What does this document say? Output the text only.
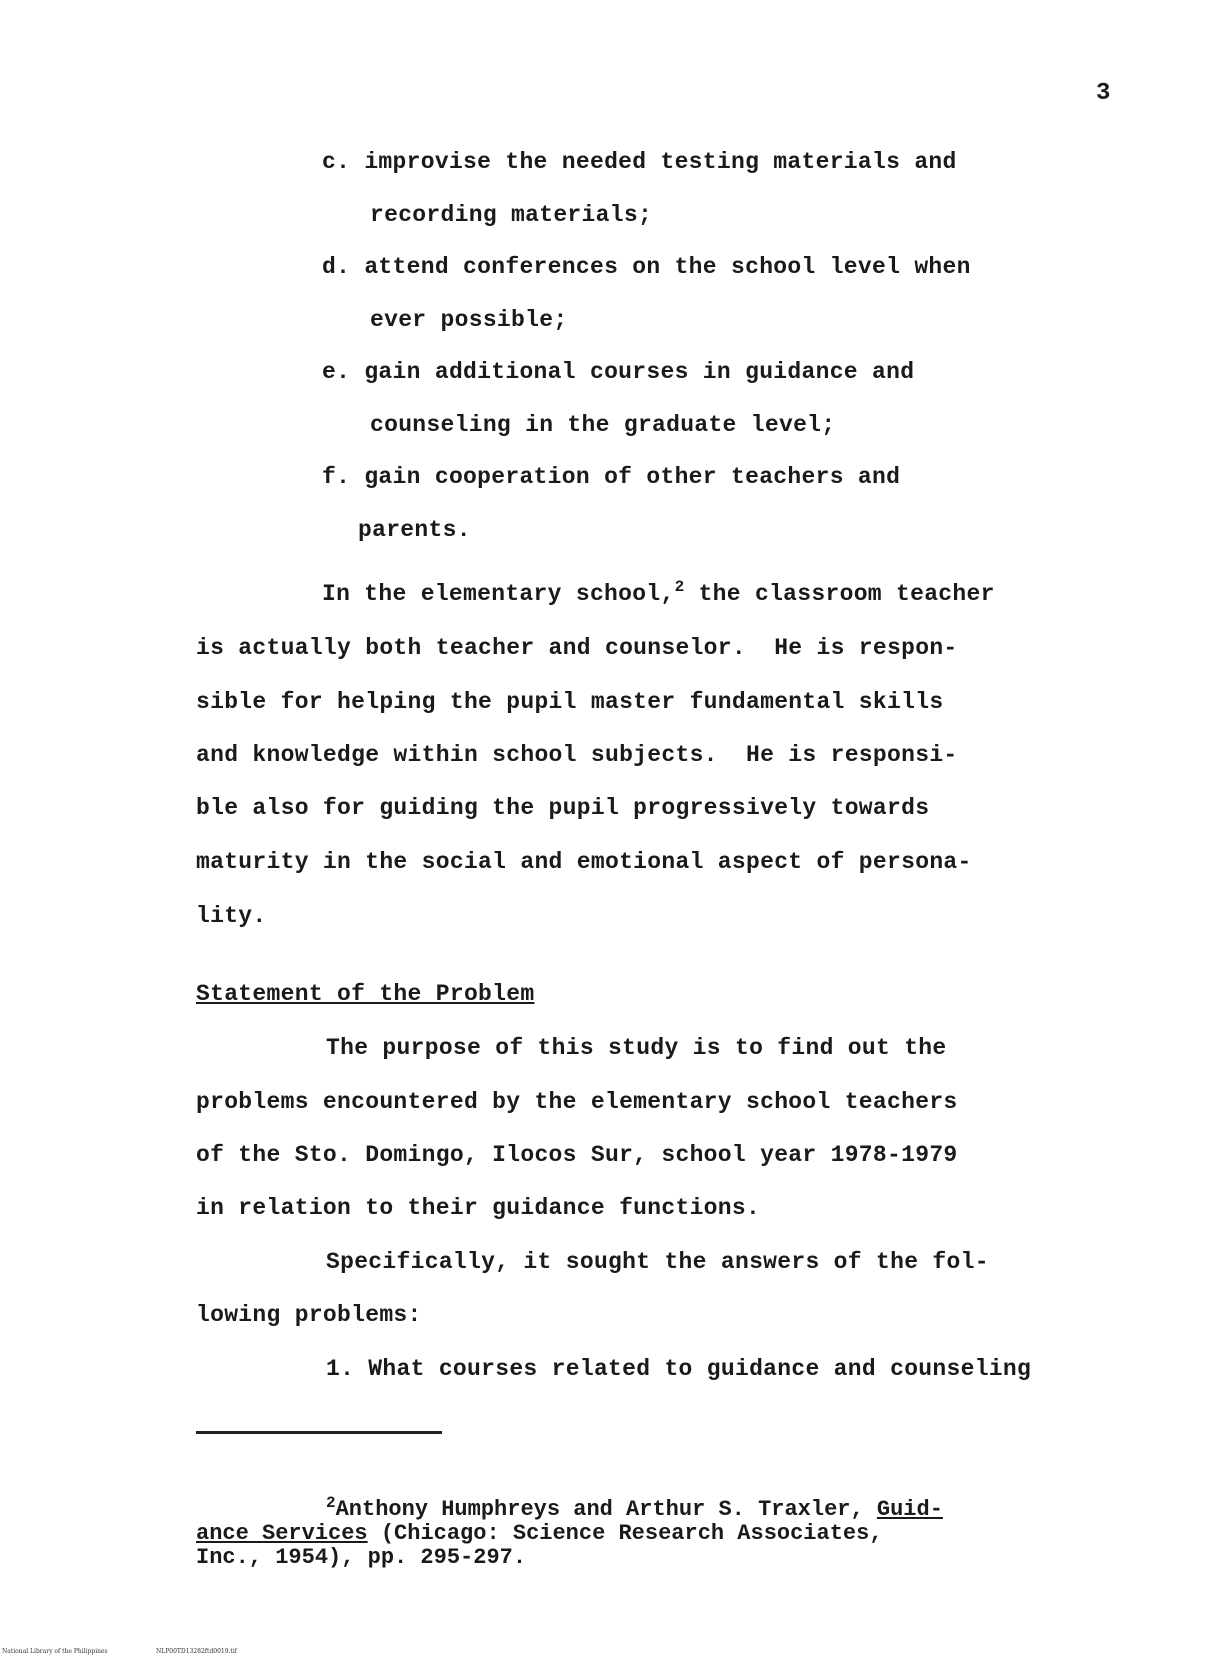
3
c. improvise the needed testing materials and
recording materials;
d. attend conferences on the school level when
ever possible;
e. gain additional courses in guidance and
counseling in the graduate level;
f. gain cooperation of other teachers and
parents.
In the elementary school,$^2$ the classroom teacher
is actually both teacher and counselor.  He is respon-
sible for helping the pupil master fundamental skills
and knowledge within school subjects.  He is responsi-
ble also for guiding the pupil progressively towards
maturity in the social and emotional aspect of persona-
lity.
Statement of the Problem
The purpose of this study is to find out the
problems encountered by the elementary school teachers
of the Sto. Domingo, Ilocos Sur, school year 1978-1979
in relation to their guidance functions.
Specifically, it sought the answers of the fol-
lowing problems:
1. What courses related to guidance and counseling
$^2$Anthony Humphreys and Arthur S. Traxler, Guid-
ance Services (Chicago: Science Research Associates,
Inc., 1954), pp. 295-297.
National Library of the Philippines	NLP00TD13282ftd0019.tif
